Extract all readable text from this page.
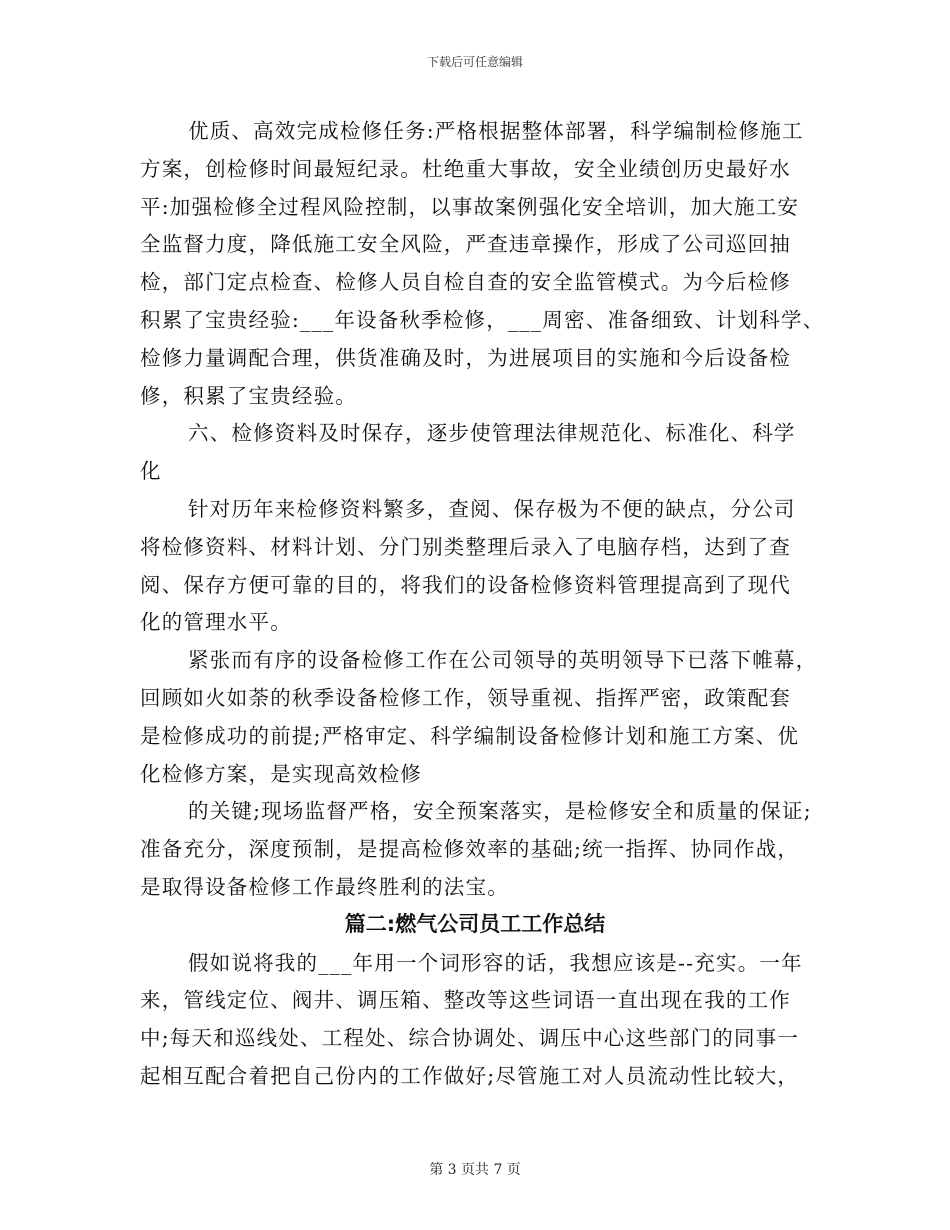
下载后可任意编辑
优质、高效完成检修任务:严格根据整体部署，科学编制检修施工
方案，创检修时间最短纪录。杜绝重大事故，安全业绩创历史最好水
平:加强检修全过程风险控制，以事故案例强化安全培训，加大施工安
全监督力度，降低施工安全风险，严查违章操作，形成了公司巡回抽
检，部门定点检查、检修人员自检自查的安全监管模式。为今后检修
积累了宝贵经验:___年设备秋季检修，___周密、准备细致、计划科学、
检修力量调配合理，供货准确及时，为进展项目的实施和今后设备检
修，积累了宝贵经验。
六、检修资料及时保存，逐步使管理法律规范化、标准化、科学
化
针对历年来检修资料繁多，查阅、保存极为不便的缺点，分公司
将检修资料、材料计划、分门别类整理后录入了电脑存档，达到了查
阅、保存方便可靠的目的，将我们的设备检修资料管理提高到了现代
化的管理水平。
紧张而有序的设备检修工作在公司领导的英明领导下已落下帷幕，
回顾如火如荼的秋季设备检修工作，领导重视、指挥严密，政策配套
是检修成功的前提;严格审定、科学编制设备检修计划和施工方案、优
化检修方案，是实现高效检修
的关键;现场监督严格，安全预案落实，是检修安全和质量的保证;
准备充分，深度预制，是提高检修效率的基础;统一指挥、协同作战，
是取得设备检修工作最终胜利的法宝。
篇二:燃气公司员工工作总结
假如说将我的___年用一个词形容的话，我想应该是--充实。一年
来，管线定位、阀井、调压箱、整改等这些词语一直出现在我的工作
中;每天和巡线处、工程处、综合协调处、调压中心这些部门的同事一
起相互配合着把自己份内的工作做好;尽管施工对人员流动性比较大，
第 3 页共 7 页
